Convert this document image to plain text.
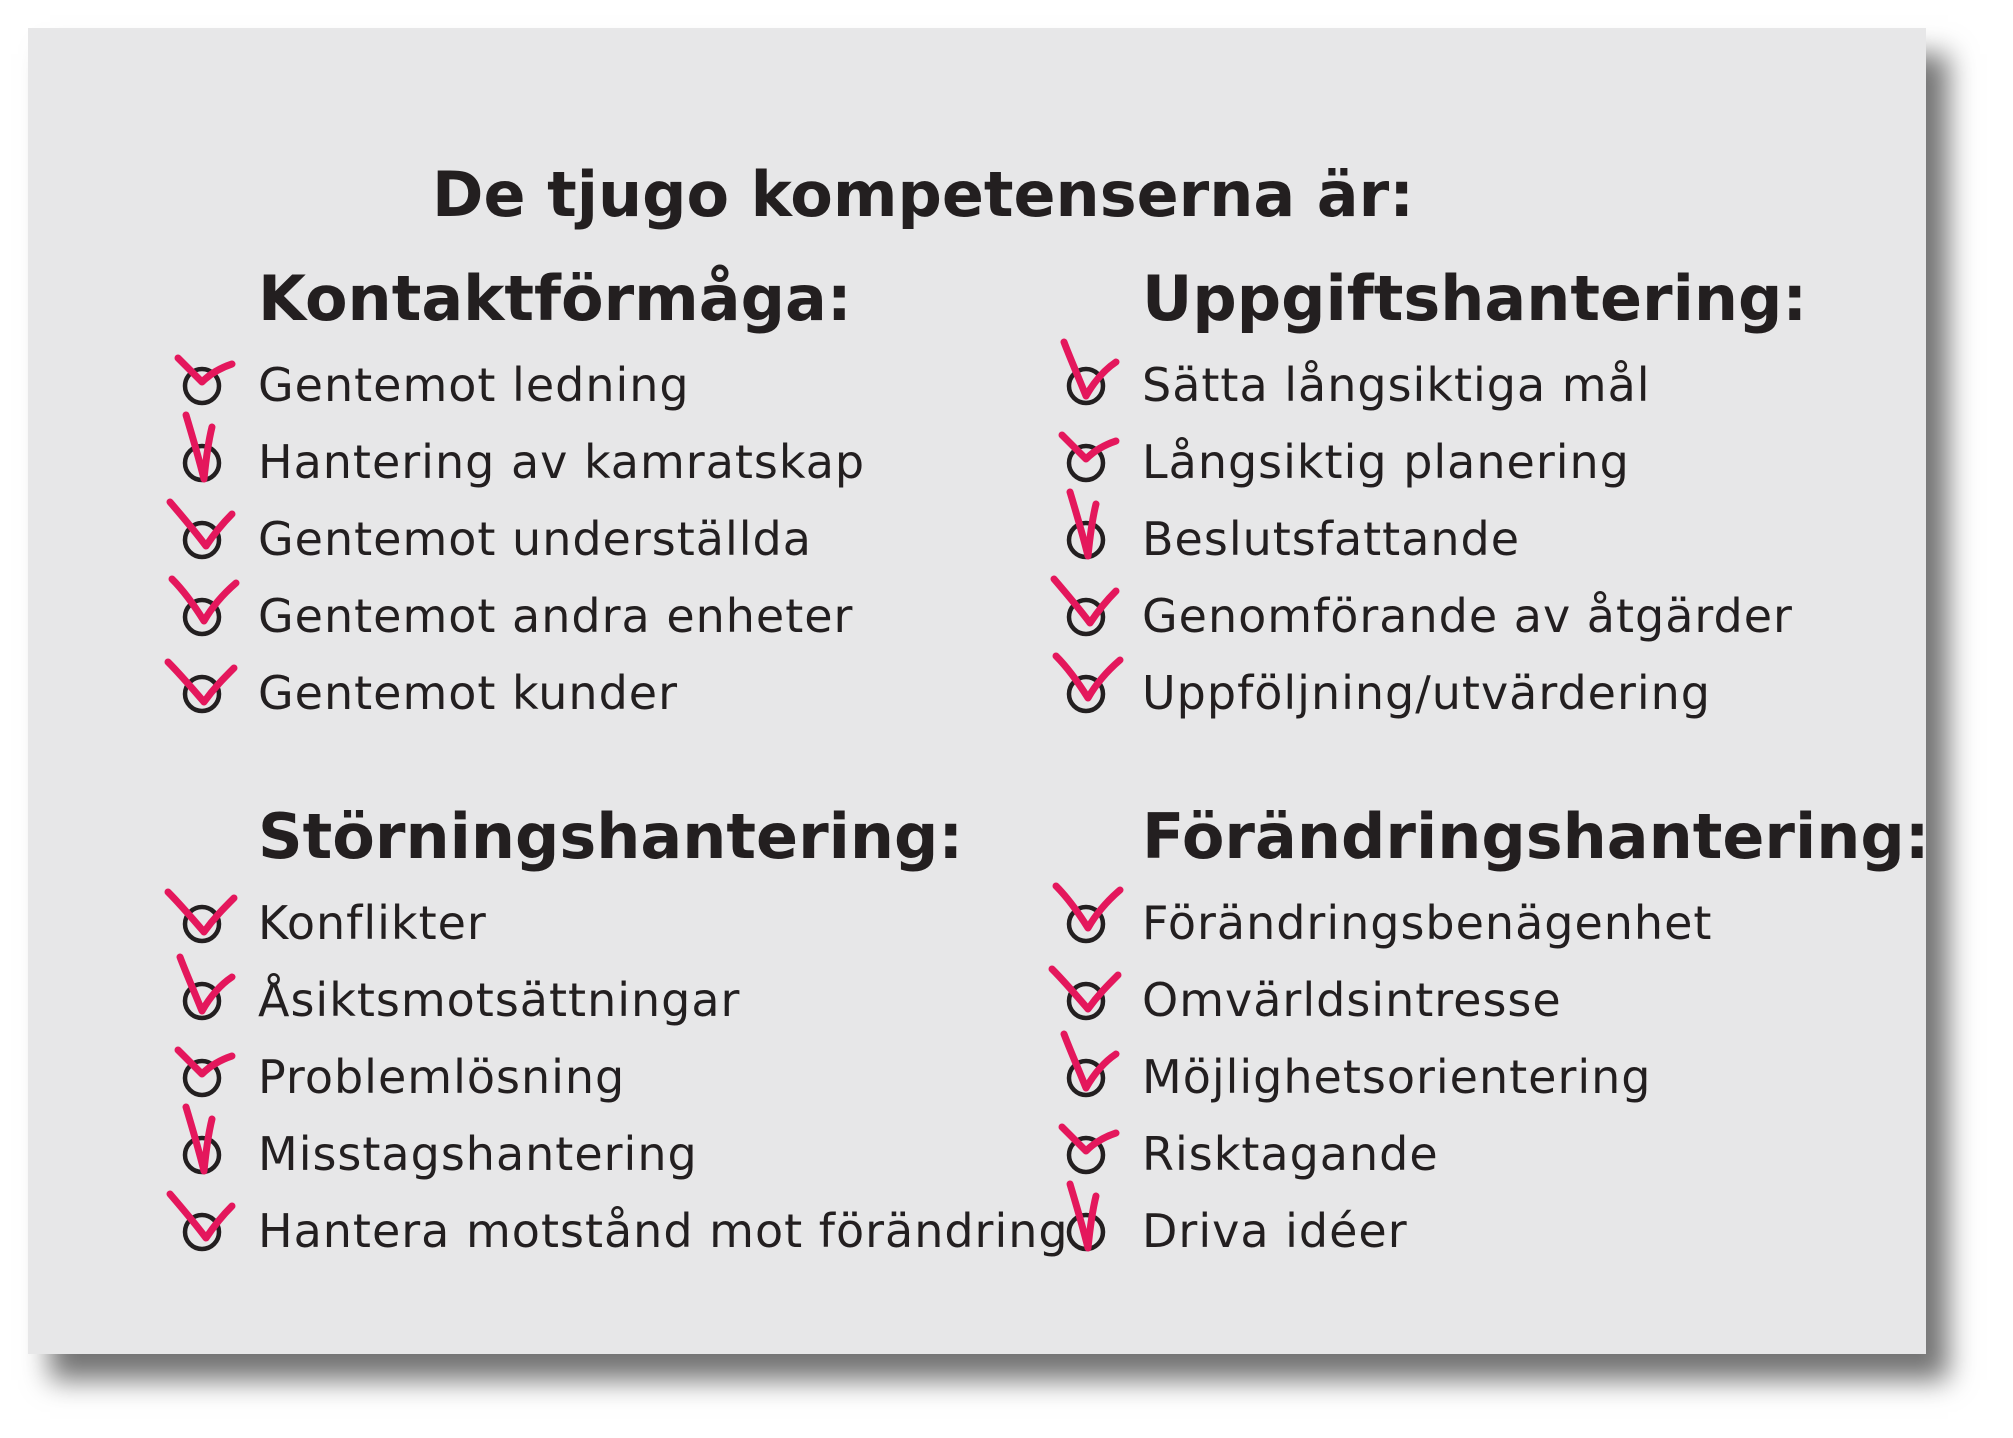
De tjugo kompetenserna är:
Kontaktförmåga:
Gentemot ledning
Hantering av kamratskap
Gentemot underställda
Gentemot andra enheter
Gentemot kunder
Uppgiftshantering:
Sätta långsiktiga mål
Långsiktig planering
Beslutsfattande
Genomförande av åtgärder
Uppföljning/utvärdering
Störningshantering:
Konflikter
Åsiktsmotsättningar
Problemlösning
Misstagshantering
Hantera motstånd mot förändring
Förändringshantering:
Förändringsbenägenhet
Omvärldsintresse
Möjlighetsorientering
Risktagande
Driva idéer
